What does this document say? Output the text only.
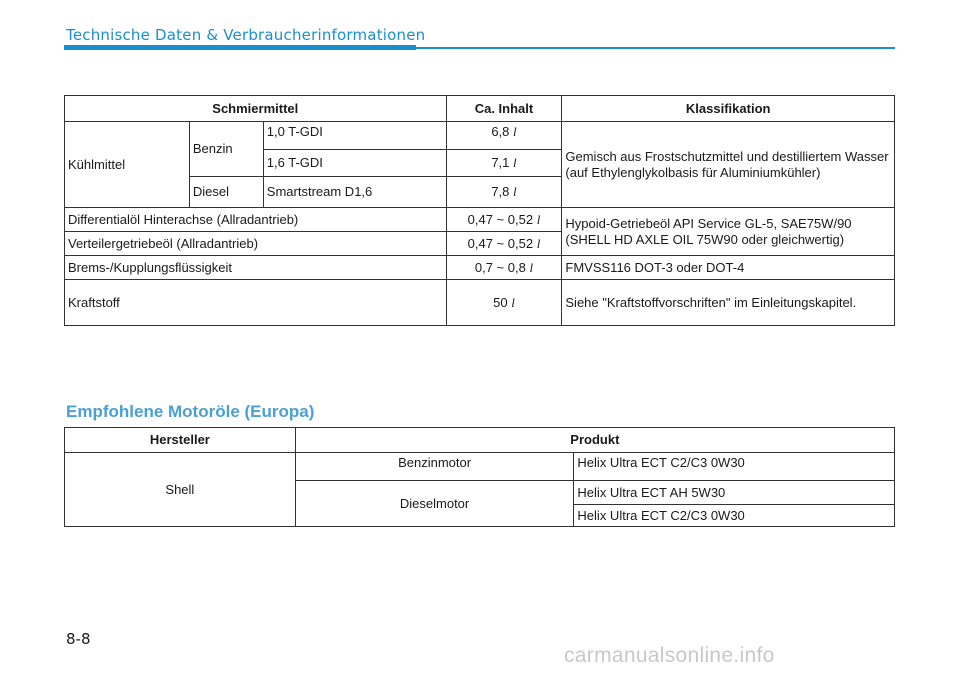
Technische Daten & Verbraucherinformationen
Schmiermittel			Ca. Inhalt	Klassifikation
Kühlmittel	Benzin	1,0 T-GDI	6,8 l	Gemisch aus Frostschutzmittel und destilliertem Wasser (auf Ethylenglykolbasis für Aluminiumkühler)
		1,6 T-GDI	7,1 l	
	Diesel	Smartstream D1,6	7,8 l	
Differentialöl Hinterachse (Allradantrieb)			0,47 ~ 0,52 l	Hypoid-Getriebeöl API Service GL-5, SAE75W/90 (SHELL HD AXLE OIL 75W90 oder gleichwertig)
Verteilergetriebeöl (Allradantrieb)			0,47 ~ 0,52 l	
Brems-/Kupplungsflüssigkeit			0,7 ~ 0,8 l	FMVSS116 DOT-3 oder DOT-4
Kraftstoff			50 l	Siehe "Kraftstoffvorschriften" im Einleitungskapitel.
Empfohlene Motoröle (Europa)
Hersteller	Produkt	
Shell	Benzinmotor	Helix Ultra ECT C2/C3 0W30
	Dieselmotor	Helix Ultra ECT AH 5W30
		Helix Ultra ECT C2/C3 0W30
8-8
carmanualsonline.info
